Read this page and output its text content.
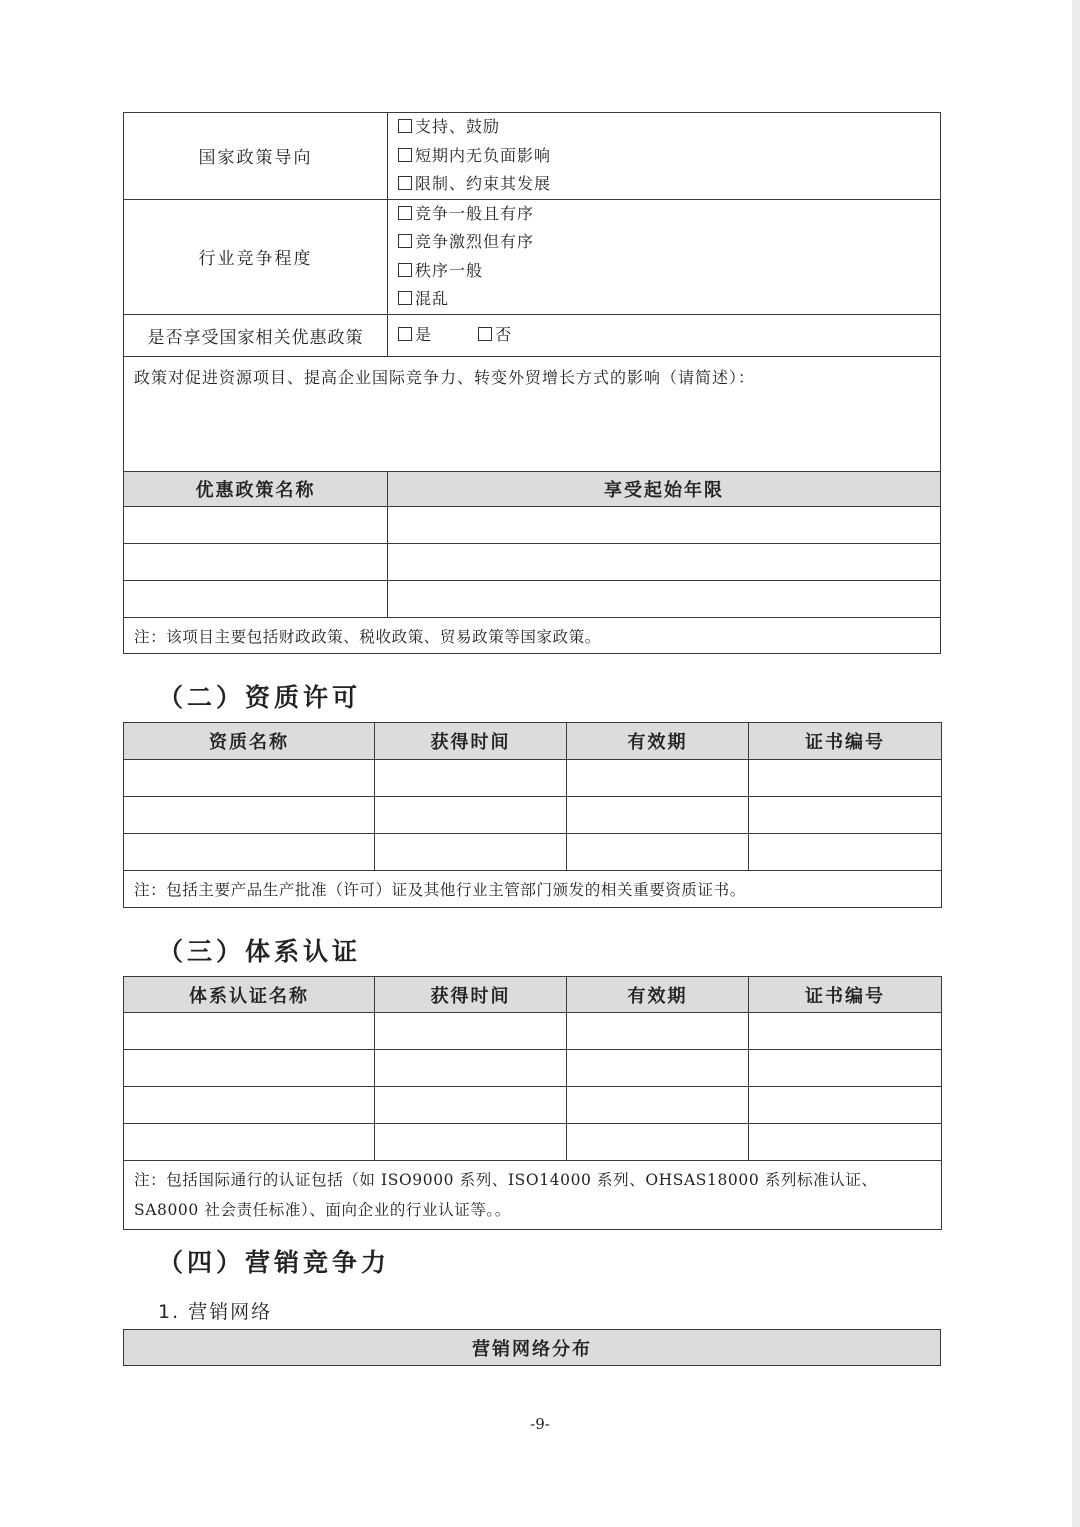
国家政策导向	支持、鼓励
短期内无负面影响
限制、约束其发展

行业竞争程度	竞争一般且有序
竞争激烈但有序
秩序一般
混乱

是否享受国家相关优惠政策	是 否
政策对促进资源项目、提高企业国际竞争力、转变外贸增长方式的影响（请简述）：	
优惠政策名称	享受起始年限

注：该项目主要包括财政政策、税收政策、贸易政策等国家政策。	
（二）资质许可
资质名称	获得时间	有效期	证书编号

注：包括主要产品生产批准（许可）证及其他行业主管部门颁发的相关重要资质证书。			
（三）体系认证
体系认证名称	获得时间	有效期	证书编号

注：包括国际通行的认证包括（如 ISO9000 系列、ISO14000 系列、OHSAS18000 系列标准认证、
SA8000 社会责任标准）、面向企业的行业认证等。。			
（四）营销竞争力
1. 营销网络
营销网络分布
-9-
